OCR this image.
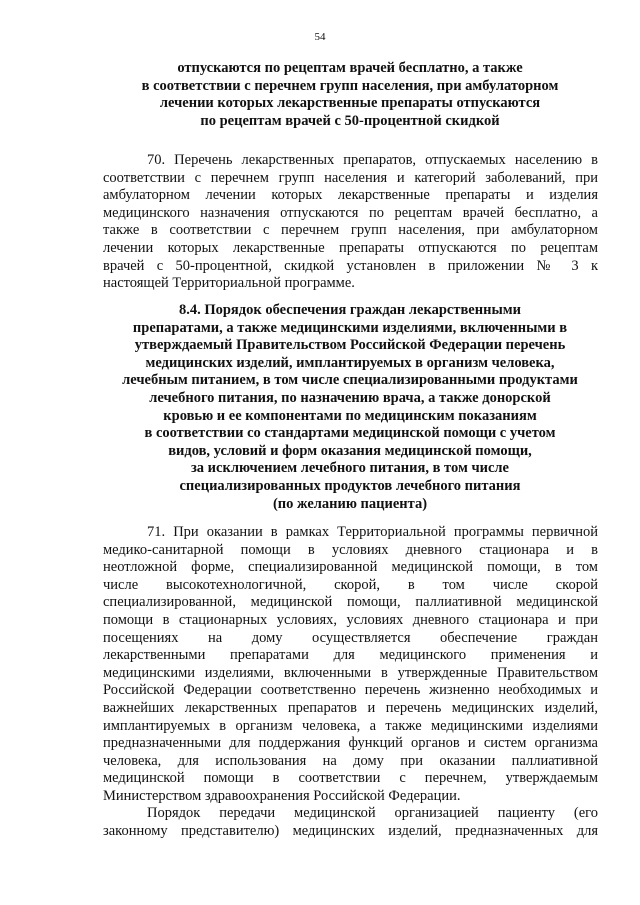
54
отпускаются по рецептам врачей бесплатно, а также
в соответствии с перечнем групп населения, при амбулаторном
лечении которых лекарственные препараты отпускаются
по рецептам врачей с 50-процентной скидкой
70. Перечень лекарственных препаратов, отпускаемых населению в
соответствии с перечнем групп населения и категорий заболеваний, при
амбулаторном лечении которых лекарственные препараты и изделия
медицинского назначения отпускаются по рецептам врачей бесплатно, а
также в соответствии с перечнем групп населения, при амбулаторном
лечении которых лекарственные препараты отпускаются по рецептам
врачей с 50-процентной, скидкой установлен в приложении № 3 к
настоящей Территориальной программе.
8.4. Порядок обеспечения граждан лекарственными
препаратами, а также медицинскими изделиями, включенными в
утверждаемый Правительством Российской Федерации перечень
медицинских изделий, имплантируемых в организм человека,
лечебным питанием, в том числе специализированными продуктами
лечебного питания, по назначению врача, а также донорской
кровью и ее компонентами по медицинским показаниям
в соответствии со стандартами медицинской помощи с учетом
видов, условий и форм оказания медицинской помощи,
за исключением лечебного питания, в том числе
специализированных продуктов лечебного питания
(по желанию пациента)
71. При оказании в рамках Территориальной программы первичной
медико-санитарной помощи в условиях дневного стационара и в
неотложной форме, специализированной медицинской помощи, в том
числе высокотехнологичной, скорой, в том числе скорой
специализированной, медицинской помощи, паллиативной медицинской
помощи в стационарных условиях, условиях дневного стационара и при
посещениях на дому осуществляется обеспечение граждан
лекарственными препаратами для медицинского применения и
медицинскими изделиями, включенными в утвержденные Правительством
Российской Федерации соответственно перечень жизненно необходимых и
важнейших лекарственных препаратов и перечень медицинских изделий,
имплантируемых в организм человека, а также медицинскими изделиями
предназначенными для поддержания функций органов и систем организма
человека, для использования на дому при оказании паллиативной
медицинской помощи в соответствии с перечнем, утверждаемым
Министерством здравоохранения Российской Федерации.
Порядок передачи медицинской организацией пациенту (его
законному представителю) медицинских изделий, предназначенных для
